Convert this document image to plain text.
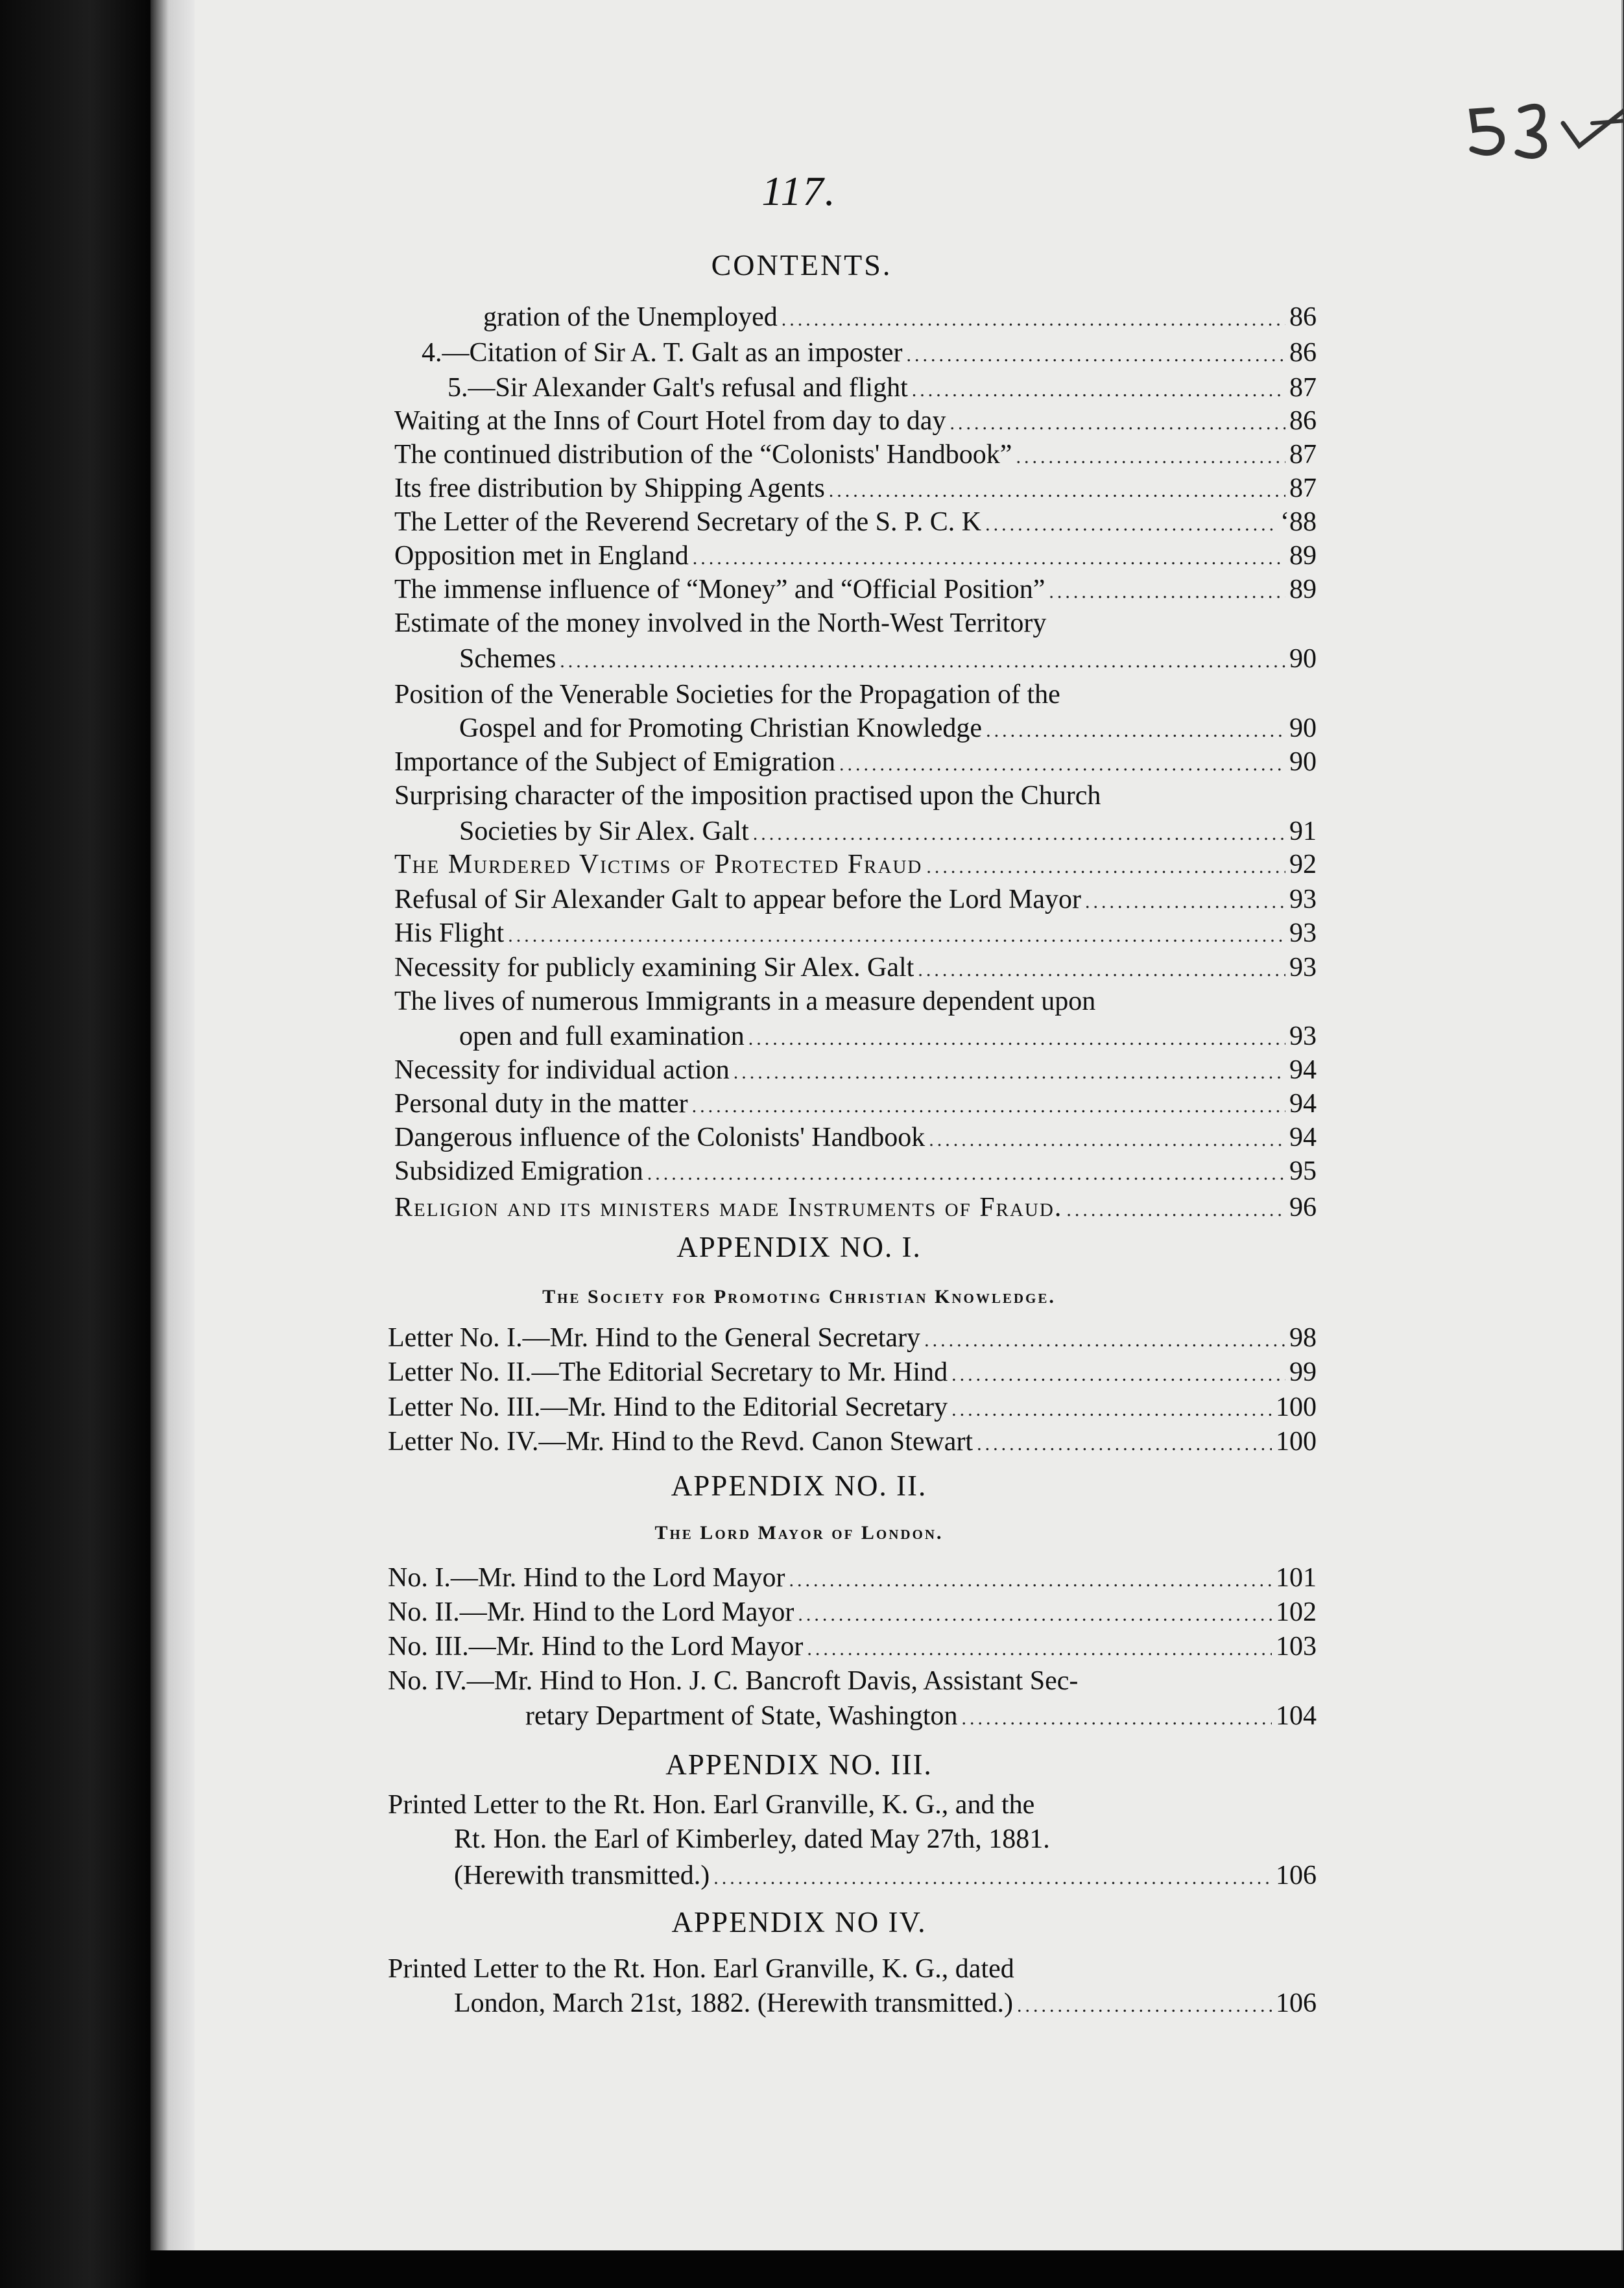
117.
CONTENTS.
gration of the Unemployed .....	86
4.—Citation of Sir A. T. Galt as an imposter .....	86
5.—Sir Alexander Galt's refusal and flight .....	87
Waiting at the Inns of Court Hotel from day to day .....	86
The continued distribution of the “Colonists' Handbook” .....	87
Its free distribution by Shipping Agents .....	87
The Letter of the Reverend Secretary of the S. P. C. K .....	ʻ88
Opposition met in England .....	89
The immense influence of “Money” and “Official Position” .....	89
Estimate of the money involved in the North-West Territory
Schemes .....	90
Position of the Venerable Societies for the Propagation of the
Gospel and for Promoting Christian Knowledge .....	90
Importance of the Subject of Emigration .....	90
Surprising character of the imposition practised upon the Church
Societies by Sir Alex. Galt .....	91
The Murdered Victims of Protected Fraud .....	92
Refusal of Sir Alexander Galt to appear before the Lord Mayor .....	93
His Flight .....	93
Necessity for publicly examining Sir Alex. Galt .....	93
The lives of numerous Immigrants in a measure dependent upon
open and full examination .....	93
Necessity for individual action .....	94
Personal duty in the matter .....	94
Dangerous influence of the Colonists' Handbook .....	94
Subsidized Emigration .....	95
Religion and its ministers made Instruments of Fraud. .....	96
APPENDIX NO. I.
The Society for Promoting Christian Knowledge.
Letter No. I.—Mr. Hind to the General Secretary .....	98
Letter No. II.—The Editorial Secretary to Mr. Hind .....	99
Letter No. III.—Mr. Hind to the Editorial Secretary .....	100
Letter No. IV.—Mr. Hind to the Revd. Canon Stewart .....	100
APPENDIX NO. II.
The Lord Mayor of London.
No. I.—Mr. Hind to the Lord Mayor .....	101
No. II.—Mr. Hind to the Lord Mayor .....	102
No. III.—Mr. Hind to the Lord Mayor .....	103
No. IV.—Mr. Hind to Hon. J. C. Bancroft Davis, Assistant Sec-
retary Department of State, Washington .....	104
APPENDIX NO. III.
Printed Letter to the Rt. Hon. Earl Granville, K. G., and the
Rt. Hon. the Earl of Kimberley, dated May 27th, 1881.
(Herewith transmitted.) .....	106
APPENDIX NO IV.
Printed Letter to the Rt. Hon. Earl Granville, K. G., dated
London, March 21st, 1882. (Herewith transmitted.) .....	106
